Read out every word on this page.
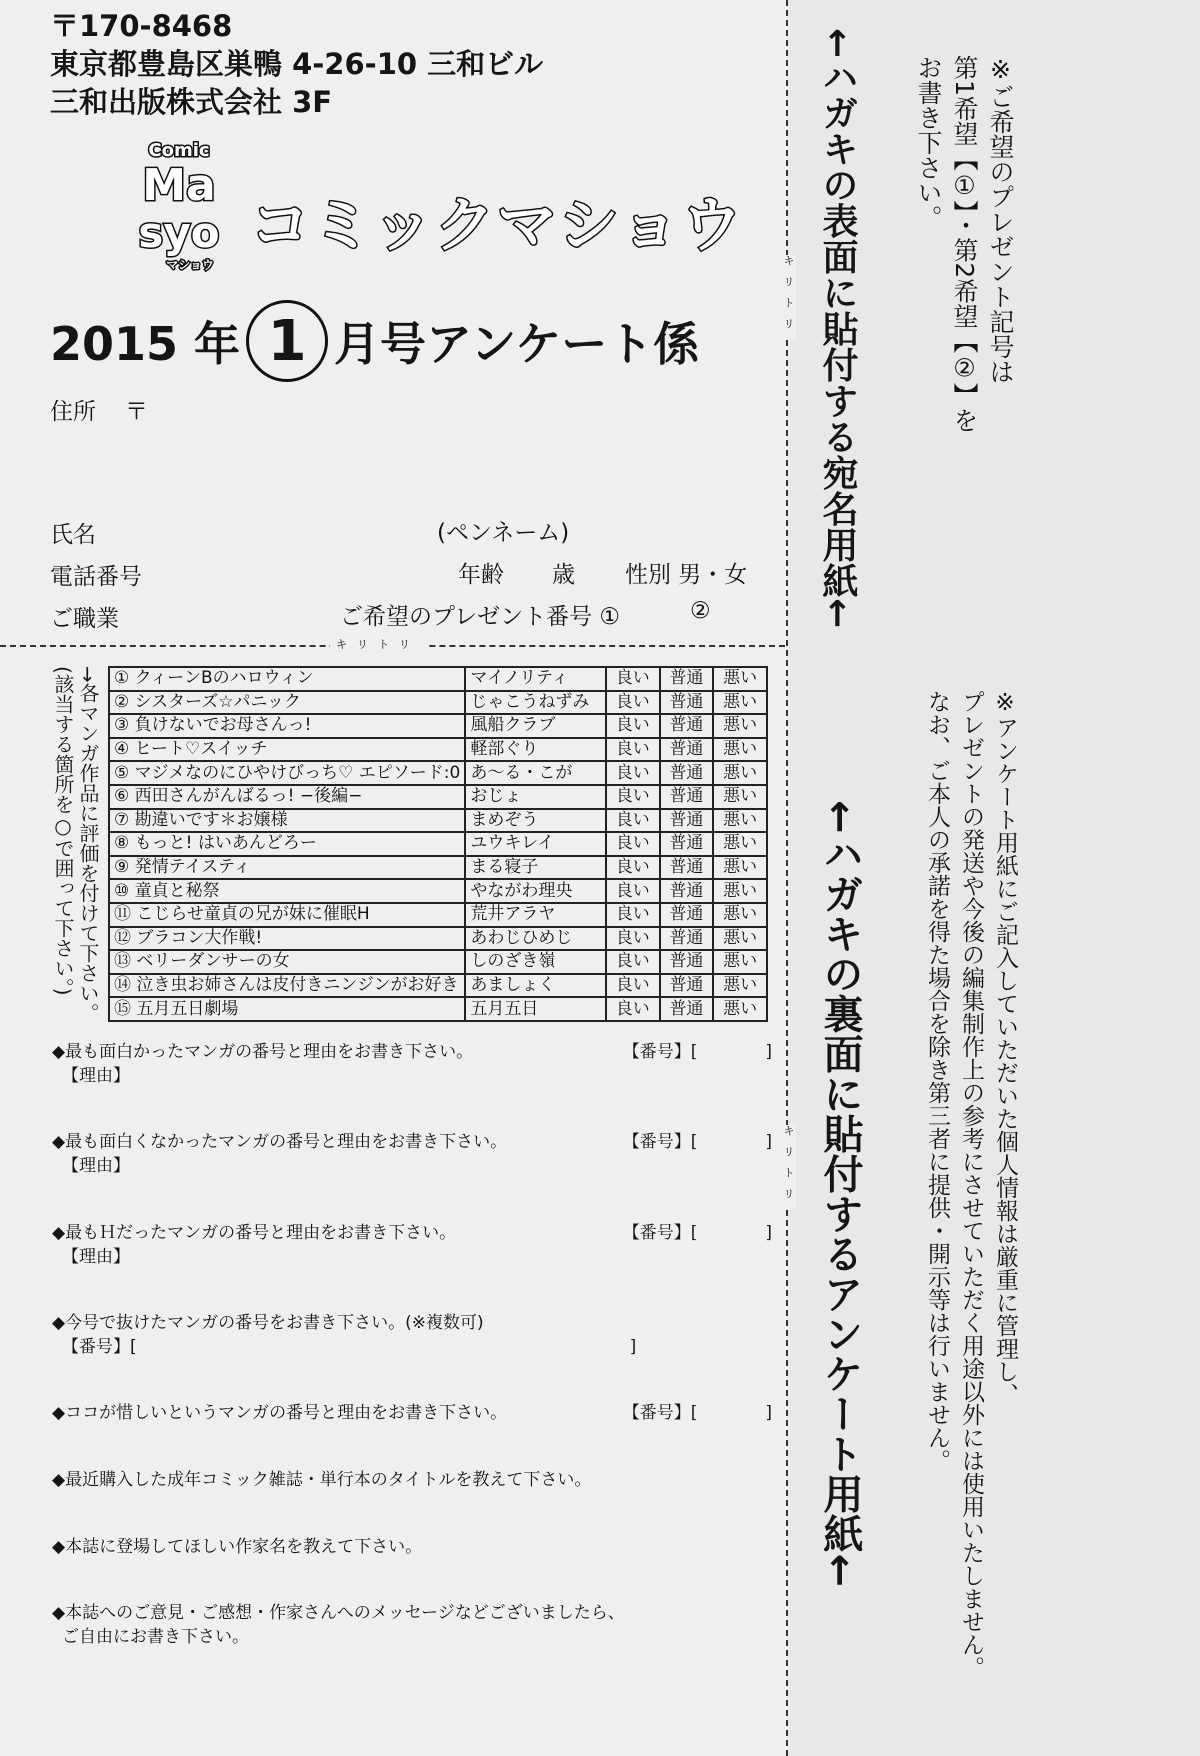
〒170-8468
東京都豊島区巣鴨 4-26-10 三和ビル
三和出版株式会社 3F
Comic
Ma
syo
マショウ
コミックマショウ
2015 年 1 月号アンケート係
住所 〒
氏名	(ペンネーム)
電話番号	年齢 歳 性別 男・女
ご職業	ご希望のプレゼント番号 ①	②
キリトリ
キリトリ
キリトリ
→各マンガ作品に評価を付けて下さい。(該当する箇所を○で囲って下さい。)	① クィーンBのハロウィン	マイノリティ	良い	普通	悪い
② シスターズ☆パニック	じゃこうねずみ	良い	普通	悪い
③ 負けないでお母さんっ!	風船クラブ	良い	普通	悪い
④ ヒート♡スイッチ	軽部ぐり	良い	普通	悪い
⑤ マジメなのにひやけびっち♡ エピソード:0	あ〜る・こが	良い	普通	悪い
⑥ 西田さんがんばるっ! −後編−	おじょ	良い	普通	悪い
⑦ 勘違いです＊お嬢様	まめぞう	良い	普通	悪い
⑧ もっと! はいあんどろー	ユウキレイ	良い	普通	悪い
⑨ 発情テイスティ	まる寝子	良い	普通	悪い
⑩ 童貞と秘祭	やながわ理央	良い	普通	悪い
⑪ こじらせ童貞の兄が妹に催眠H	荒井アラヤ	良い	普通	悪い
⑫ ブラコン大作戦!	あわじひめじ	良い	普通	悪い
⑬ ベリーダンサーの女	しのざき嶺	良い	普通	悪い
⑭ 泣き虫お姉さんは皮付きニンジンがお好き	あましょく	良い	普通	悪い
⑮ 五月五日劇場	五月五日	良い	普通	悪い
◆最も面白かったマンガの番号と理由をお書き下さい。	【番号】[　　　　]
【理由】
◆最も面白くなかったマンガの番号と理由をお書き下さい。	【番号】[　　　　]
【理由】
◆最もＨだったマンガの番号と理由をお書き下さい。	【番号】[　　　　]
【理由】
◆今号で抜けたマンガの番号をお書き下さい。(※複数可)
【番号】[　　　　　　　　　　　　　　　　　　　　　　　　　　　　　]
◆ココが惜しいというマンガの番号と理由をお書き下さい。	【番号】[　　　　]
◆最近購入した成年コミック雑誌・単行本のタイトルを教えて下さい。
◆本誌に登場してほしい作家名を教えて下さい。
◆本誌へのご意見・ご感想・作家さんへのメッセージなどございましたら、
ご自由にお書き下さい。
←ハガキの表面に貼付する宛名用紙←	※ご希望のプレゼント記号は
第1希望【①】・第2希望【②】を
お書き下さい。
←ハガキの裏面に貼付するアンケート用紙←	※アンケート用紙にご記入していただいた個人情報は厳重に管理し、
プレゼントの発送や今後の編集制作上の参考にさせていただく用途以外には使用いたしません。
なお、ご本人の承諾を得た場合を除き第三者に提供・開示等は行いません。
